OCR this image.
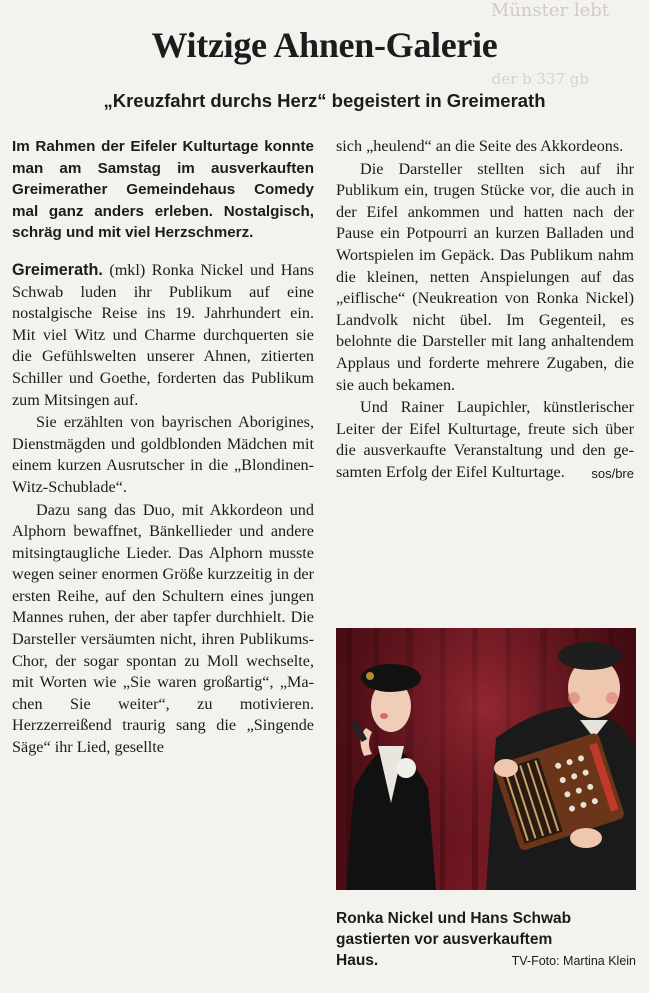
Münster lebt
der b 337 gb
Witzige Ahnen-Galerie
„Kreuzfahrt durchs Herz“ begeistert in Greimerath

Im Rahmen der Eifeler Kulturtage konnte man am Samstag im ausverkauften Greimerather Gemeindehaus Comedy mal ganz anders erleben. Nostalgisch, schräg und mit viel Herzschmerz.

Greimerath. (mkl) Ronka Nickel und Hans Schwab luden ihr Publikum auf eine nostalgische Reise ins 19. Jahrhundert ein. Mit viel Witz und Charme durchquerten sie die Gefühlswelten unserer Ahnen, zitierten Schiller und Goethe, forderten das Publikum zum Mitsingen auf.

Sie erzählten von bayrischen Aborigines, Dienstmägden und goldblonden Mädchen mit einem kurzen Ausrutscher in die „Blondinen-Witz-Schublade“.

Dazu sang das Duo, mit Akkordeon und Alphorn bewaffnet, Bänkellieder und andere mitsingtaugliche Lieder. Das Alphorn musste wegen seiner enormen Größe kurzzeitig in der ersten Reihe, auf den Schultern eines jungen Mannes ruhen, der aber tapfer durchhielt. Die Darsteller versäumten nicht, ihren Publikums-Chor, der sogar spontan zu Moll wechselte, mit Worten wie „Sie waren großartig“, „Machen Sie weiter“, zu motivieren. Herzzerreißend traurig sang die „Singende Säge“ ihr Lied, gesellte

sich „heulend“ an die Seite des Akkordeons.

Die Darsteller stellten sich auf ihr Publikum ein, trugen Stücke vor, die auch in der Eifel ankommen und hatten nach der Pause ein Potpourri an kurzen Balladen und Wortspielen im Gepäck. Das Publikum nahm die kleinen, netten Anspielungen auf das „eiflische“ (Neukreation von Ronka Nickel) Landvolk nicht übel. Im Gegenteil, es belohnte die Darsteller mit lang anhaltendem Applaus und forderte mehrere Zugaben, die sie auch bekamen.

Und Rainer Laupichler, künstlerischer Leiter der Eifel Kulturtage, freute sich über die ausverkaufte Veranstaltung und den gesamten Erfolg der Eifel Kulturtage.	sos/bre

Ronka Nickel und Hans Schwab
gastierten vor ausverkauftem
Haus.	TV-Foto: Martina Klein
